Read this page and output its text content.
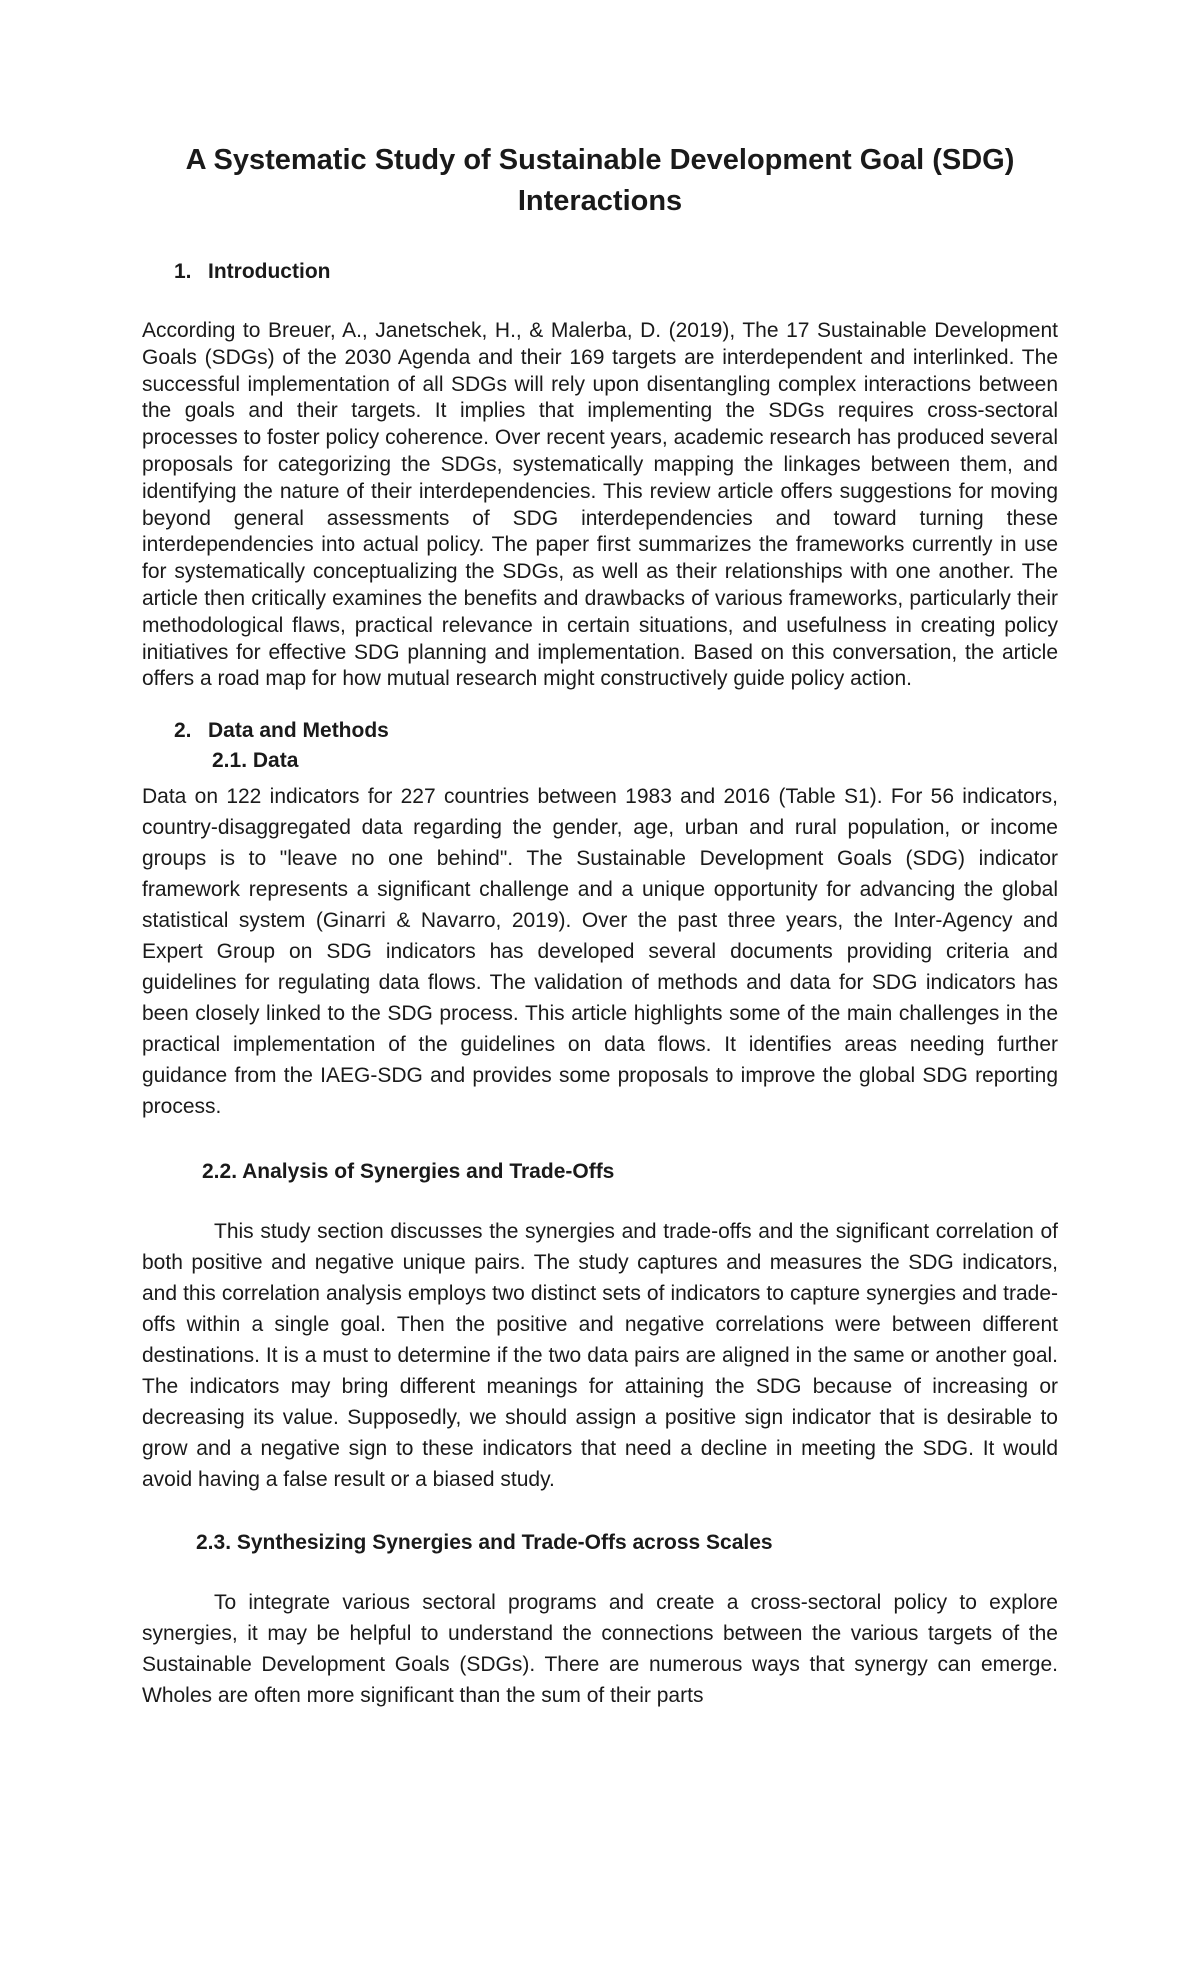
A Systematic Study of Sustainable Development Goal (SDG) Interactions
1. Introduction

According to Breuer, A., Janetschek, H., & Malerba, D. (2019), The 17 Sustainable Development Goals (SDGs) of the 2030 Agenda and their 169 targets are interdependent and interlinked. The successful implementation of all SDGs will rely upon disentangling complex interactions between the goals and their targets. It implies that implementing the SDGs requires cross-sectoral processes to foster policy coherence. Over recent years, academic research has produced several proposals for categorizing the SDGs, systematically mapping the linkages between them, and identifying the nature of their interdependencies. This review article offers suggestions for moving beyond general assessments of SDG interdependencies and toward turning these interdependencies into actual policy. The paper first summarizes the frameworks currently in use for systematically conceptualizing the SDGs, as well as their relationships with one another. The article then critically examines the benefits and drawbacks of various frameworks, particularly their methodological flaws, practical relevance in certain situations, and usefulness in creating policy initiatives for effective SDG planning and implementation. Based on this conversation, the article offers a road map for how mutual research might constructively guide policy action.

2. Data and Methods
2.1. Data

Data on 122 indicators for 227 countries between 1983 and 2016 (Table S1). For 56 indicators, country-disaggregated data regarding the gender, age, urban and rural population, or income groups is to "leave no one behind". The Sustainable Development Goals (SDG) indicator framework represents a significant challenge and a unique opportunity for advancing the global statistical system (Ginarri & Navarro, 2019). Over the past three years, the Inter-Agency and Expert Group on SDG indicators has developed several documents providing criteria and guidelines for regulating data flows. The validation of methods and data for SDG indicators has been closely linked to the SDG process. This article highlights some of the main challenges in the practical implementation of the guidelines on data flows. It identifies areas needing further guidance from the IAEG-SDG and provides some proposals to improve the global SDG reporting process.

2.2. Analysis of Synergies and Trade-Offs

This study section discusses the synergies and trade-offs and the significant correlation of both positive and negative unique pairs. The study captures and measures the SDG indicators, and this correlation analysis employs two distinct sets of indicators to capture synergies and trade-offs within a single goal. Then the positive and negative correlations were between different destinations. It is a must to determine if the two data pairs are aligned in the same or another goal. The indicators may bring different meanings for attaining the SDG because of increasing or decreasing its value. Supposedly, we should assign a positive sign indicator that is desirable to grow and a negative sign to these indicators that need a decline in meeting the SDG. It would avoid having a false result or a biased study.

2.3. Synthesizing Synergies and Trade-Offs across Scales

To integrate various sectoral programs and create a cross-sectoral policy to explore synergies, it may be helpful to understand the connections between the various targets of the Sustainable Development Goals (SDGs). There are numerous ways that synergy can emerge. Wholes are often more significant than the sum of their parts
